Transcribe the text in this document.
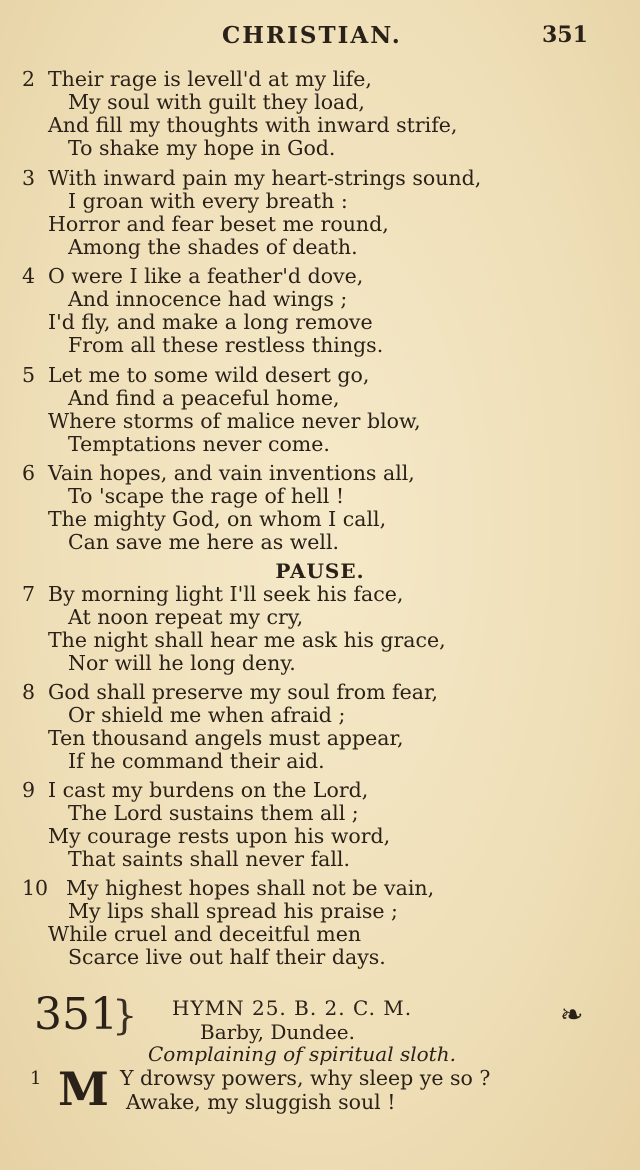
CHRISTIAN.	351
2 Their rage is levell'd at my life,
My soul with guilt they load,
And fill my thoughts with inward strife,
To shake my hope in God.
3 With inward pain my heart-strings sound,
I groan with every breath :
Horror and fear beset me round,
Among the shades of death.
4 O were I like a feather'd dove,
And innocence had wings ;
I'd fly, and make a long remove
From all these restless things.
5 Let me to some wild desert go,
And find a peaceful home,
Where storms of malice never blow,
Temptations never come.
6 Vain hopes, and vain inventions all,
To 'scape the rage of hell !
The mighty God, on whom I call,
Can save me here as well.
PAUSE.
7 By morning light I'll seek his face,
At noon repeat my cry,
The night shall hear me ask his grace,
Nor will he long deny.
8 God shall preserve my soul from fear,
Or shield me when afraid ;
Ten thousand angels must appear,
If he command their aid.
9 I cast my burdens on the Lord,
The Lord sustains them all ;
My courage rests upon his word,
That saints shall never fall.
10 My highest hopes shall not be vain,
My lips shall spread his praise ;
While cruel and deceitful men
Scarce live out half their days.
351
} HYMN 25. B. 2. C. M.
Barby, Dundee.
Complaining of spiritual sloth.
❧
1 M Y drowsy powers, why sleep ye so ?
Awake, my sluggish soul !
